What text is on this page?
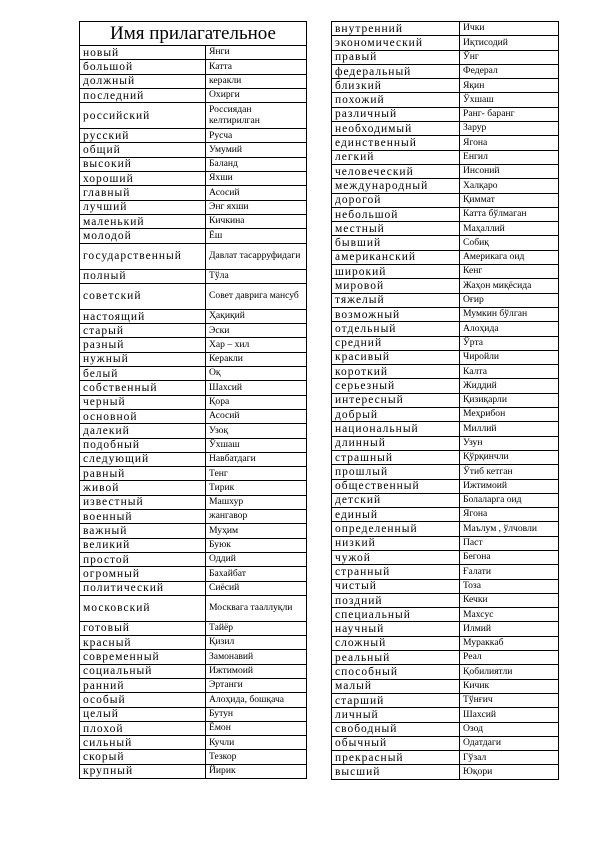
Имя прилагательное	
новый	Янги
большой	Катта
должный	керакли
последний	Охирги
российский	Россиядан келтирилган
русский	Русча
общий	Умумий
высокий	Баланд
хороший	Яхши
главный	Асосий
лучший	Энг яхши
маленький	Кичкина
молодой	Ёш
государственный	Давлат тасарруфидаги
полный	Тўла
советский	Совет даврига мансуб
настоящий	Ҳақиқий
старый	Эски
разный	Хар – хил
нужный	Керакли
белый	Оқ
собственный	Шахсий
черный	Қора
основной	Асосий
далекий	Узоқ
подобный	Ўхшаш
следующий	Навбатдаги
равный	Тенг
живой	Тирик
известный	Машхур
военный	жангавор
важный	Муҳим
великий	Буюк
простой	Оддий
огромный	Бахайбат
политический	Сиёсий
московский	Москвага тааллуқли
готовый	Тайёр
красный	Қизил
современный	Замонавий
социальный	Ижтимоий
ранний	Эртанги
особый	Алоҳида, бошқача
целый	Бутун
плохой	Ёмон
сильный	Кучли
скорый	Тезкор
крупный	Йирик
внутренний	Ички
экономический	Иқтисодий
правый	Ўнг
федеральный	Федерал
близкий	Яқин
похожий	Ўхшаш
различный	Ранг- баранг
необходимый	Зарур
единственный	Ягона
легкий	Енгил
человеческий	Инсоний
международный	Халқаро
дорогой	Қиммат
небольшой	Катта бўлмаган
местный	Маҳаллий
бывший	Собиқ
американский	Америкага оид
широкий	Кенг
мировой	Жаҳон миқёсида
тяжелый	Оғир
возможный	Мумкин бўлган
отдельный	Алоҳида
средний	Ўрта
красивый	Чиройли
короткий	Калта
серьезный	Жиддий
интересный	Қизиқарли
добрый	Меҳрибон
национальный	Миллий
длинный	Узун
страшный	Қўрқинчли
прошлый	Ўтиб кетган
общественный	Ижтимоий
детский	Болаларга оид
единый	Ягона
определенный	Маълум , ўлчовли
низкий	Паст
чужой	Бегона
странный	Ғалати
чистый	Тоза
поздний	Кечки
специальный	Махсус
научный	Илмий
сложный	Мураккаб
реальный	Реал
способный	Қобилиятли
малый	Кичик
старший	Тўнғич
личный	Шахсий
свободный	Озод
обычный	Одатдаги
прекрасный	Гўзал
высший	Юқори
